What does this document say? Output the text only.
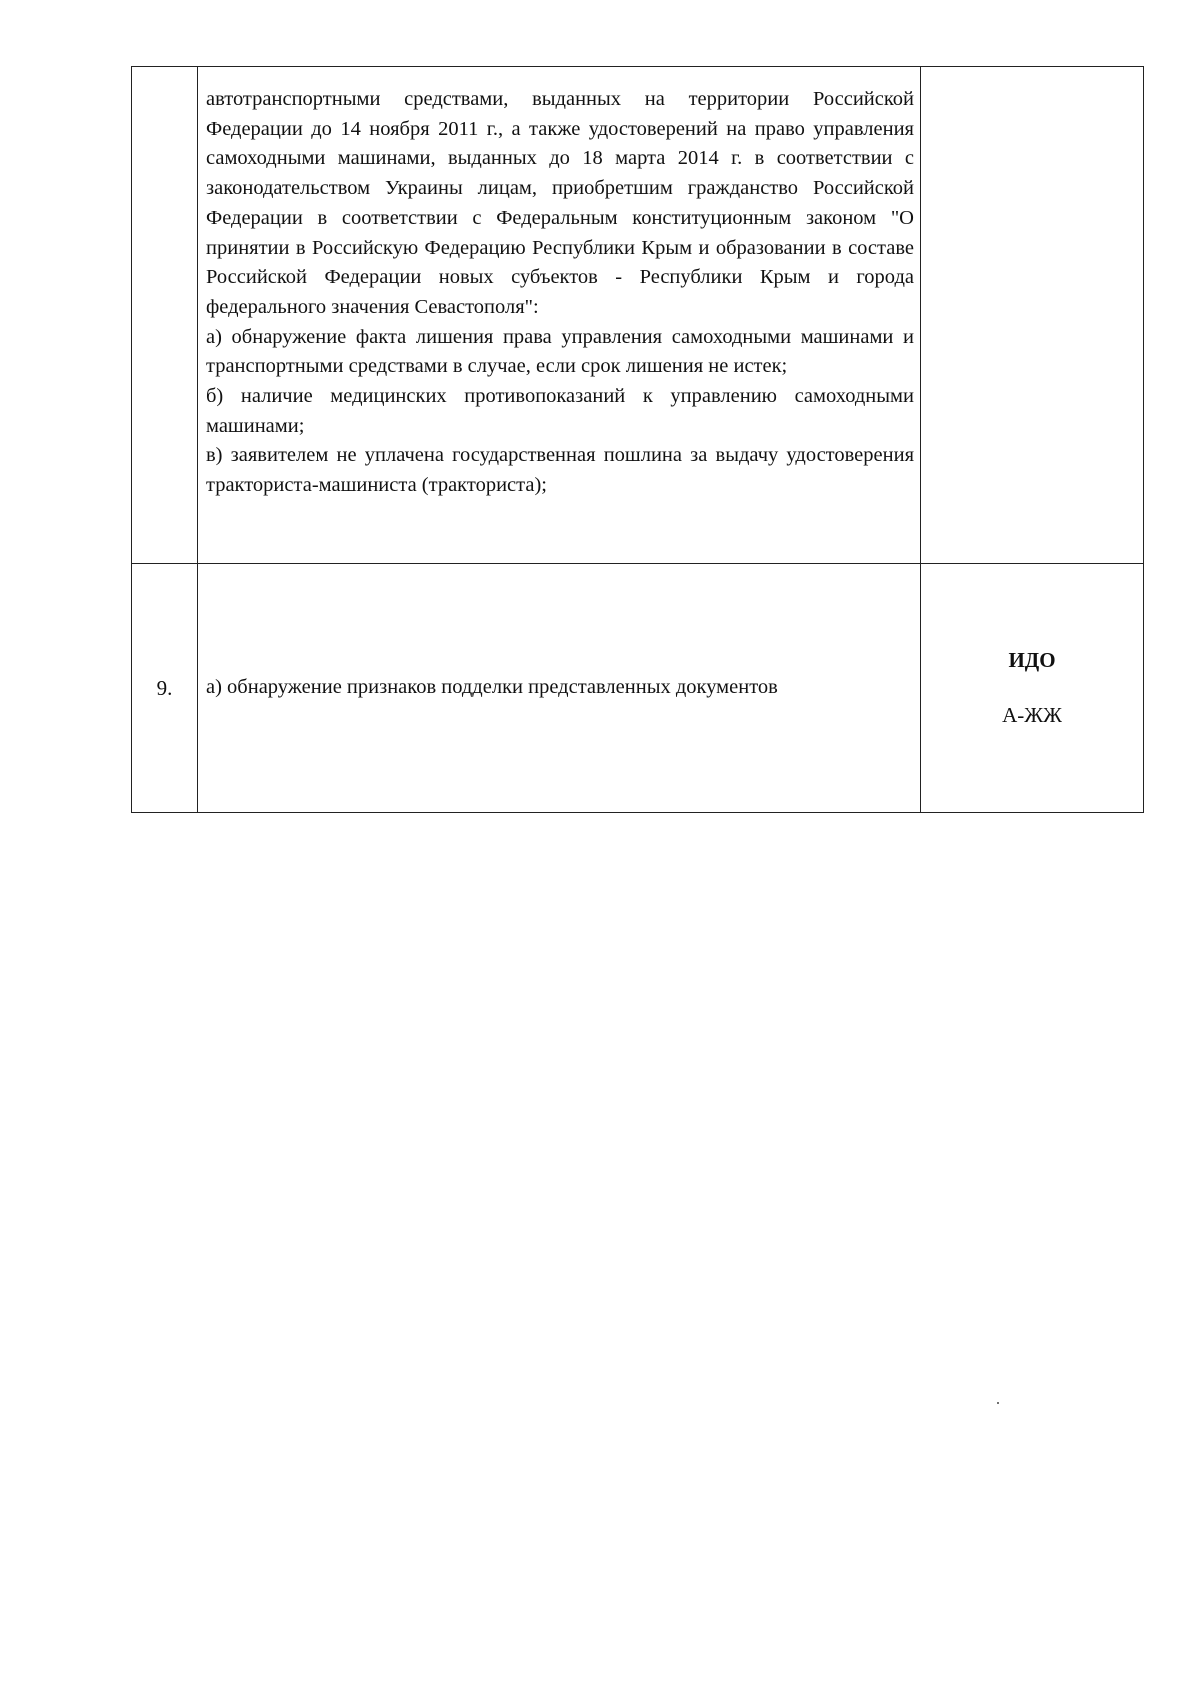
	автотранспортными средствами, выданных на территории Российской Федерации до 14 ноября 2011 г., а также удостоверений на право управления самоходными машинами, выданных до 18 марта 2014 г. в соответствии с законодательством Украины лицам, приобретшим гражданство Российской Федерации в соответствии с Федеральным конституционным законом "О принятии в Российскую Федерацию Республики Крым и образовании в составе Российской Федерации новых субъектов - Республики Крым и города федерального значения Севастополя":

а) обнаружение факта лишения права управления самоходными машинами и транспортными средствами в случае, если срок лишения не истек;

б) наличие медицинских противопоказаний к управлению самоходными машинами;

в) заявителем не уплачена государственная пошлина за выдачу удостоверения тракториста-машиниста (тракториста);	

9.	а) обнаружение признаков подделки представленных документов	ИДО
А-ЖЖ
